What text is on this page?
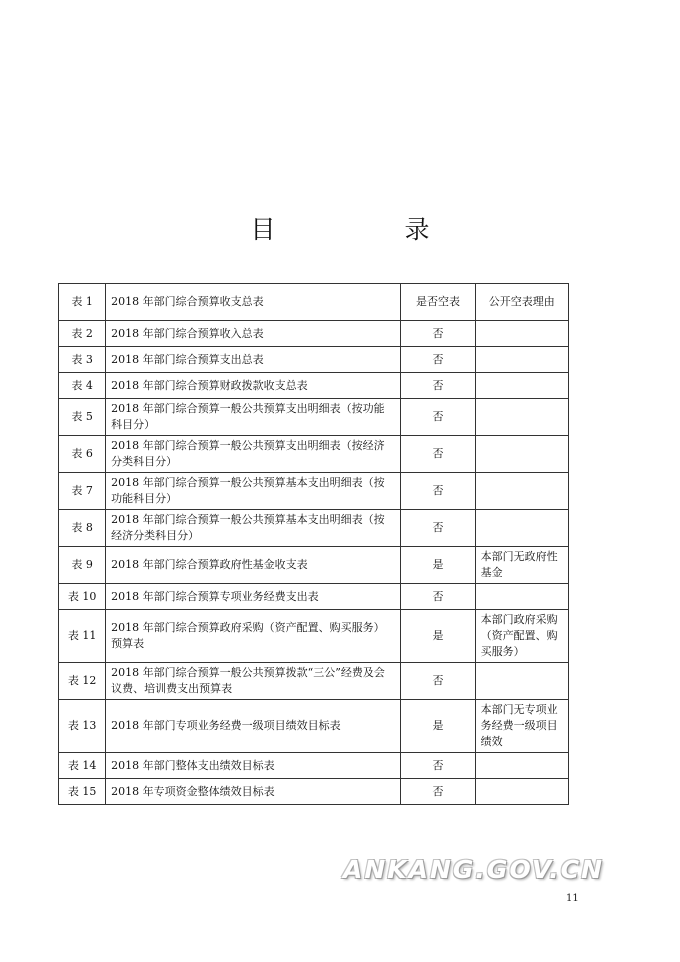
目　录
表 1	2018 年部门综合预算收支总表	是否空表	公开空表理由
表 2	2018 年部门综合预算收入总表	否	
表 3	2018 年部门综合预算支出总表	否	
表 4	2018 年部门综合预算财政拨款收支总表	否	
表 5	2018 年部门综合预算一般公共预算支出明细表（按功能科目分）	否	
表 6	2018 年部门综合预算一般公共预算支出明细表（按经济分类科目分）	否	
表 7	2018 年部门综合预算一般公共预算基本支出明细表（按功能科目分）	否	
表 8	2018 年部门综合预算一般公共预算基本支出明细表（按经济分类科目分）	否	
表 9	2018 年部门综合预算政府性基金收支表	是	本部门无政府性基金
表 10	2018 年部门综合预算专项业务经费支出表	否	
表 11	2018 年部门综合预算政府采购（资产配置、购买服务）预算表	是	本部门政府采购（资产配置、购买服务）
表 12	2018 年部门综合预算一般公共预算拨款“三公”经费及会议费、培训费支出预算表	否	
表 13	2018 年部门专项业务经费一级项目绩效目标表	是	本部门无专项业务经费一级项目绩效
表 14	2018 年部门整体支出绩效目标表	否	
表 15	2018 年专项资金整体绩效目标表	否	
ANKANG.GOV.CN
11
